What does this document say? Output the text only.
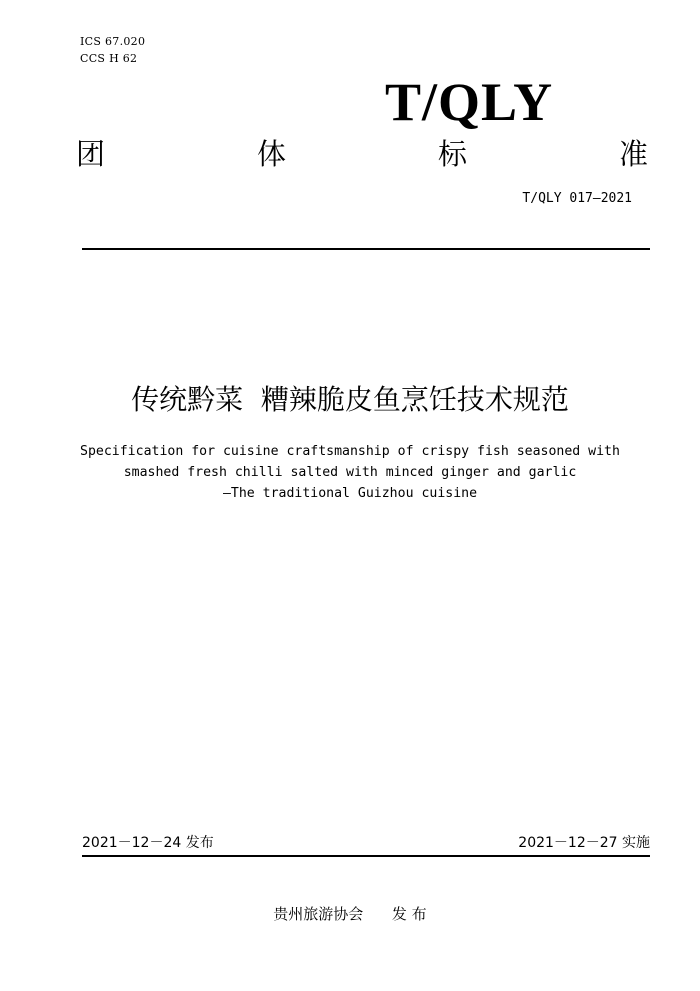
ICS 67.020
CCS H 62
T/QLY
团	体	标	准
T/QLY 017—2021
传统黔菜  糟辣脆皮鱼烹饪技术规范
Specification for cuisine craftsmanship of crispy fish seasoned with
smashed fresh chilli salted with minced ginger and garlic
—The traditional Guizhou cuisine
2021－12－24 发布	2021－12－27 实施
贵州旅游协会      发 布
